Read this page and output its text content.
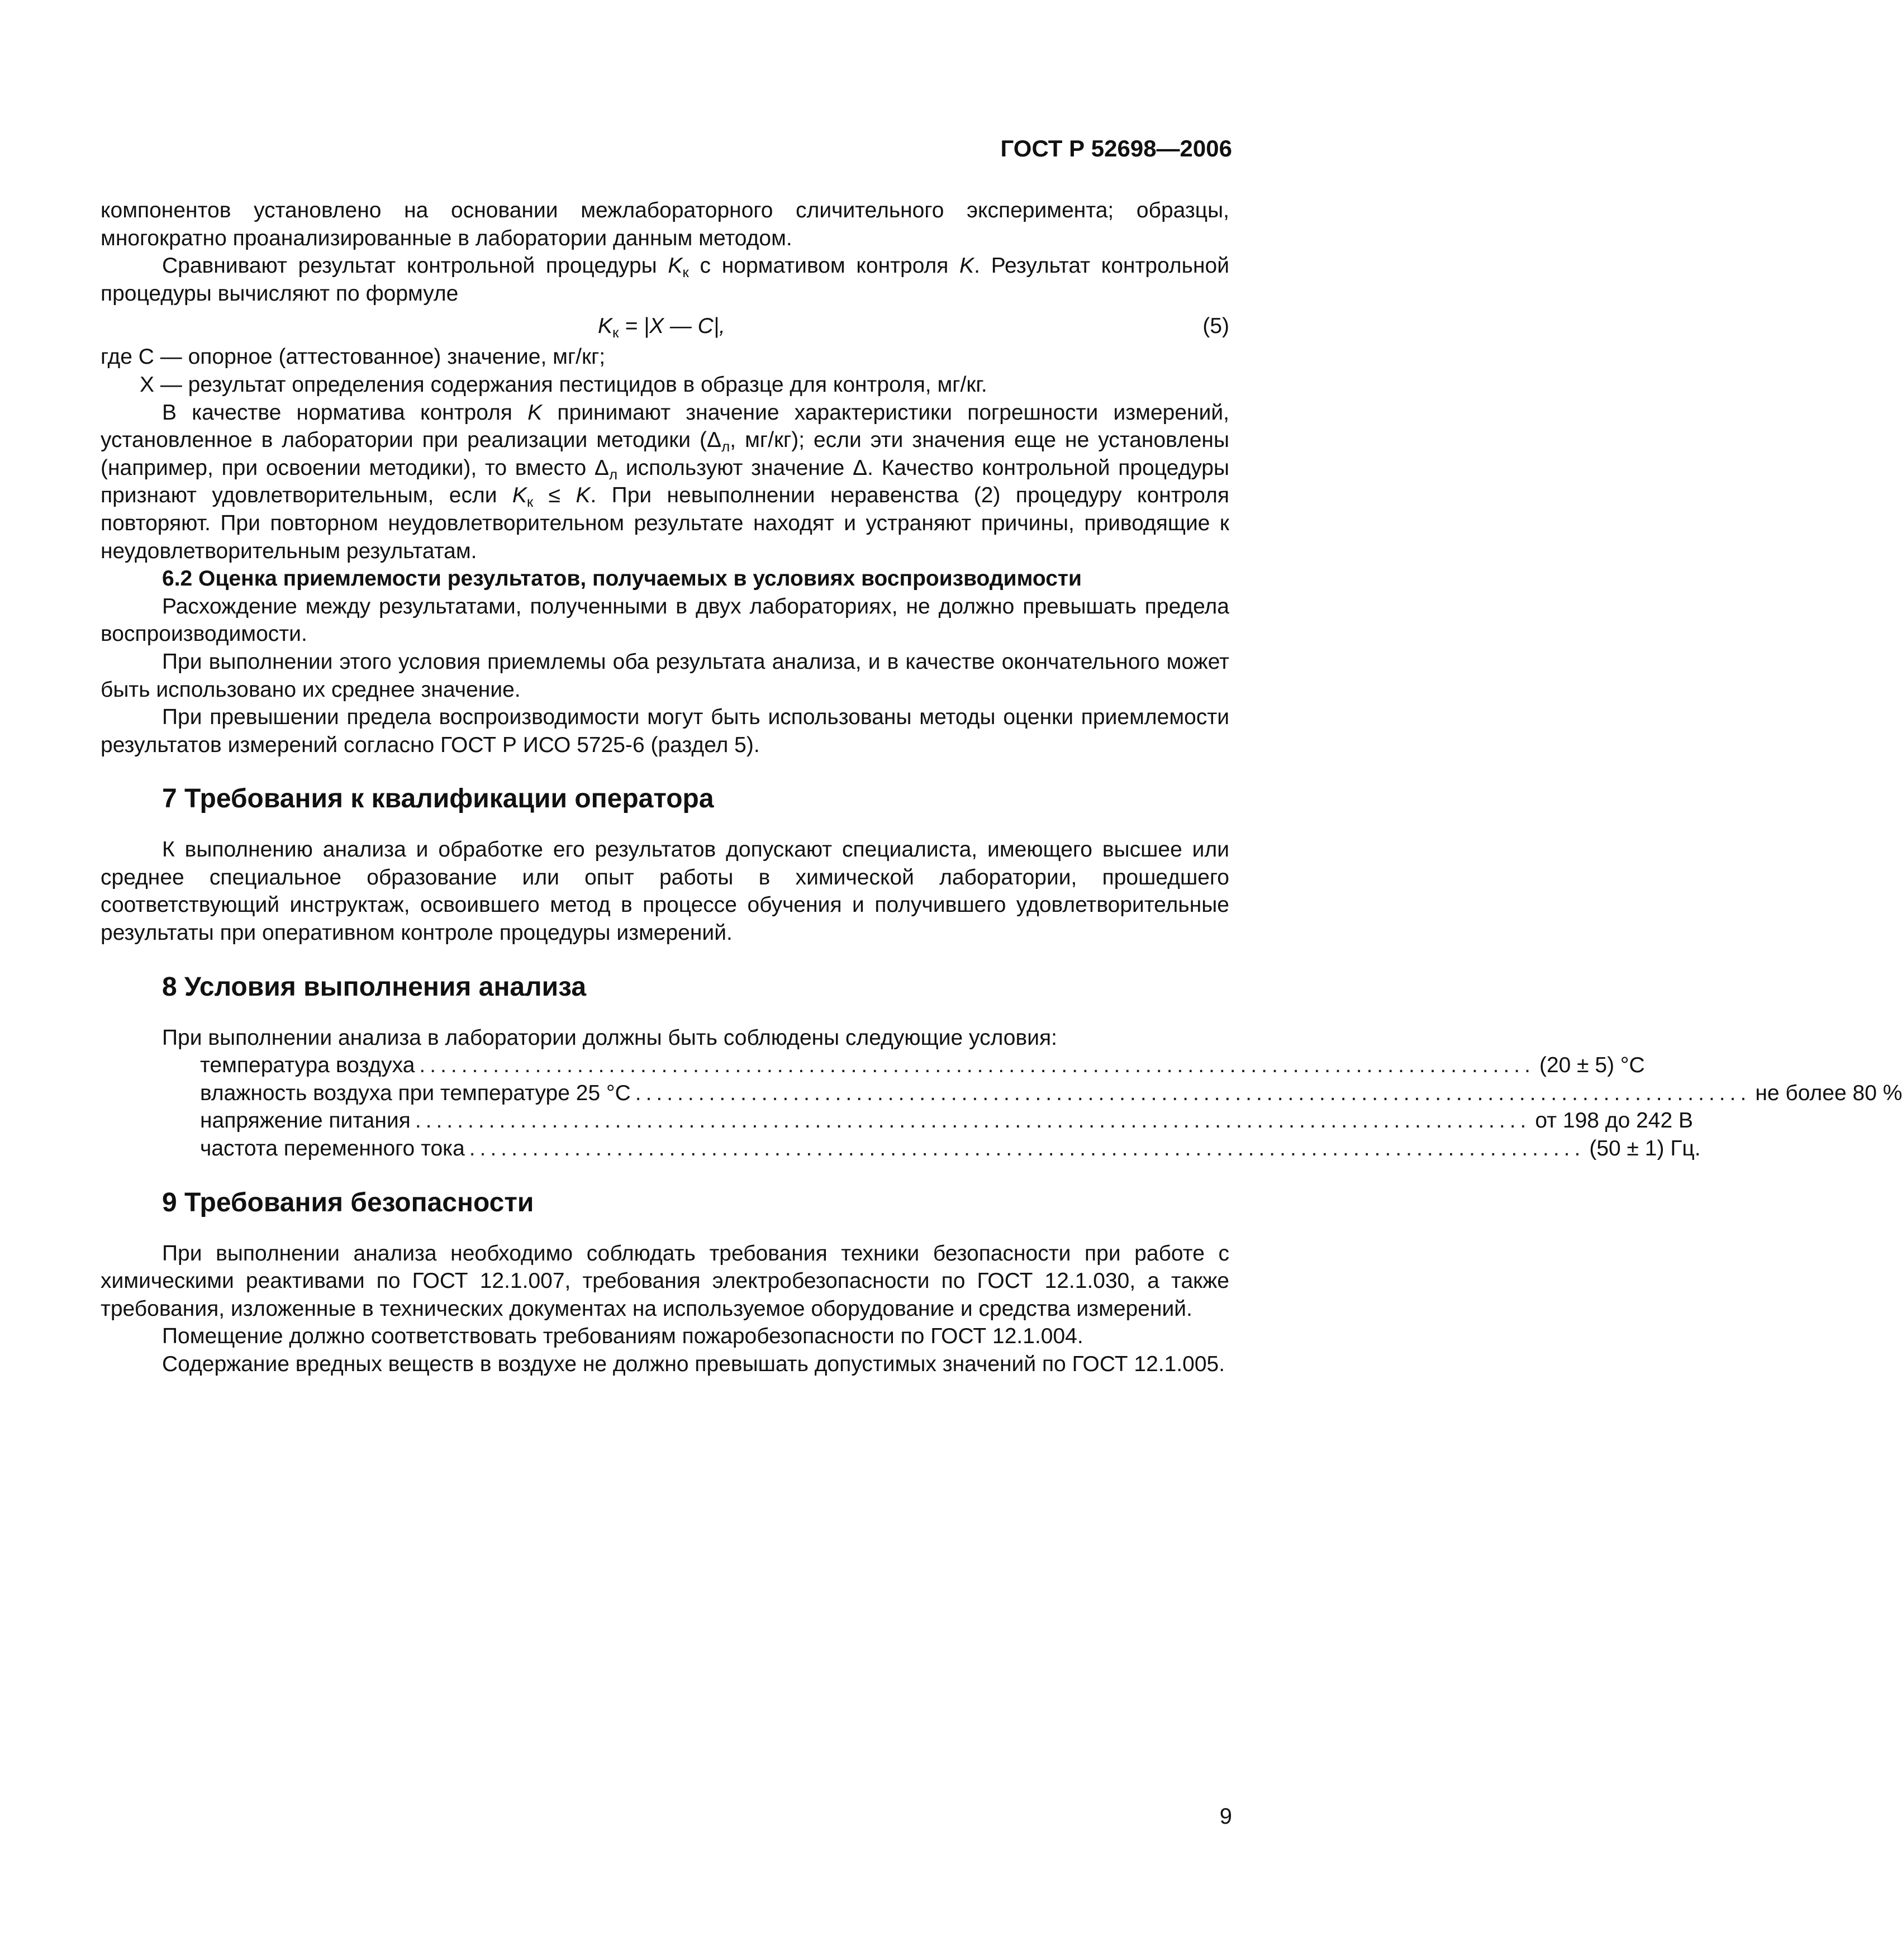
ГОСТ Р 52698—2006

компонентов установлено на основании межлабораторного сличительного эксперимента; образцы, многократно проанализированные в лаборатории данным методом.

Сравнивают результат контрольной процедуры $K_к$ с нормативом контроля K. Результат контрольной процедуры вычисляют по формуле

$K_к = |X$ — C|,	(5)

где C — опорное (аттестованное) значение, мг/кг;

X — результат определения содержания пестицидов в образце для контроля, мг/кг.

В качестве норматива контроля K принимают значение характеристики погрешности измерений, установленное в лаборатории при реализации методики ($\Delta_л$, мг/кг); если эти значения еще не установлены (например, при освоении методики), то вместо $\Delta_л$ используют значение Δ. Качество контрольной процедуры признают удовлетворительным, если $K_к \le K$. При невыполнении неравенства (2) процедуру контроля повторяют. При повторном неудовлетворительном результате находят и устраняют причины, приводящие к неудовлетворительным результатам.

6.2 Оценка приемлемости результатов, получаемых в условиях воспроизводимости

Расхождение между результатами, полученными в двух лабораториях, не должно превышать предела воспроизводимости.

При выполнении этого условия приемлемы оба результата анализа, и в качестве окончательного может быть использовано их среднее значение.

При превышении предела воспроизводимости могут быть использованы методы оценки приемлемости результатов измерений согласно ГОСТ Р ИСО 5725-6 (раздел 5).

7 Требования к квалификации оператора

К выполнению анализа и обработке его результатов допускают специалиста, имеющего высшее или среднее специальное образование или опыт работы в химической лаборатории, прошедшего соответствующий инструктаж, освоившего метод в процессе обучения и получившего удовлетворительные результаты при оперативном контроле процедуры измерений.

8 Условия выполнения анализа

При выполнении анализа в лаборатории должны быть соблюдены следующие условия:

температура воздуха .......................................................................................................... (20 ± 5) °С
влажность воздуха при температуре 25 °С .......................................................................................................... не более 80 %
напряжение питания .......................................................................................................... от 198 до 242 В
частота переменного тока .......................................................................................................... (50 ± 1) Гц.
9 Требования безопасности

При выполнении анализа необходимо соблюдать требования техники безопасности при работе с химическими реактивами по ГОСТ 12.1.007, требования электробезопасности по ГОСТ 12.1.030, а также требования, изложенные в технических документах на используемое оборудование и средства измерений.

Помещение должно соответствовать требованиям пожаробезопасности по ГОСТ 12.1.004.

Содержание вредных веществ в воздухе не должно превышать допустимых значений по ГОСТ 12.1.005.

9
